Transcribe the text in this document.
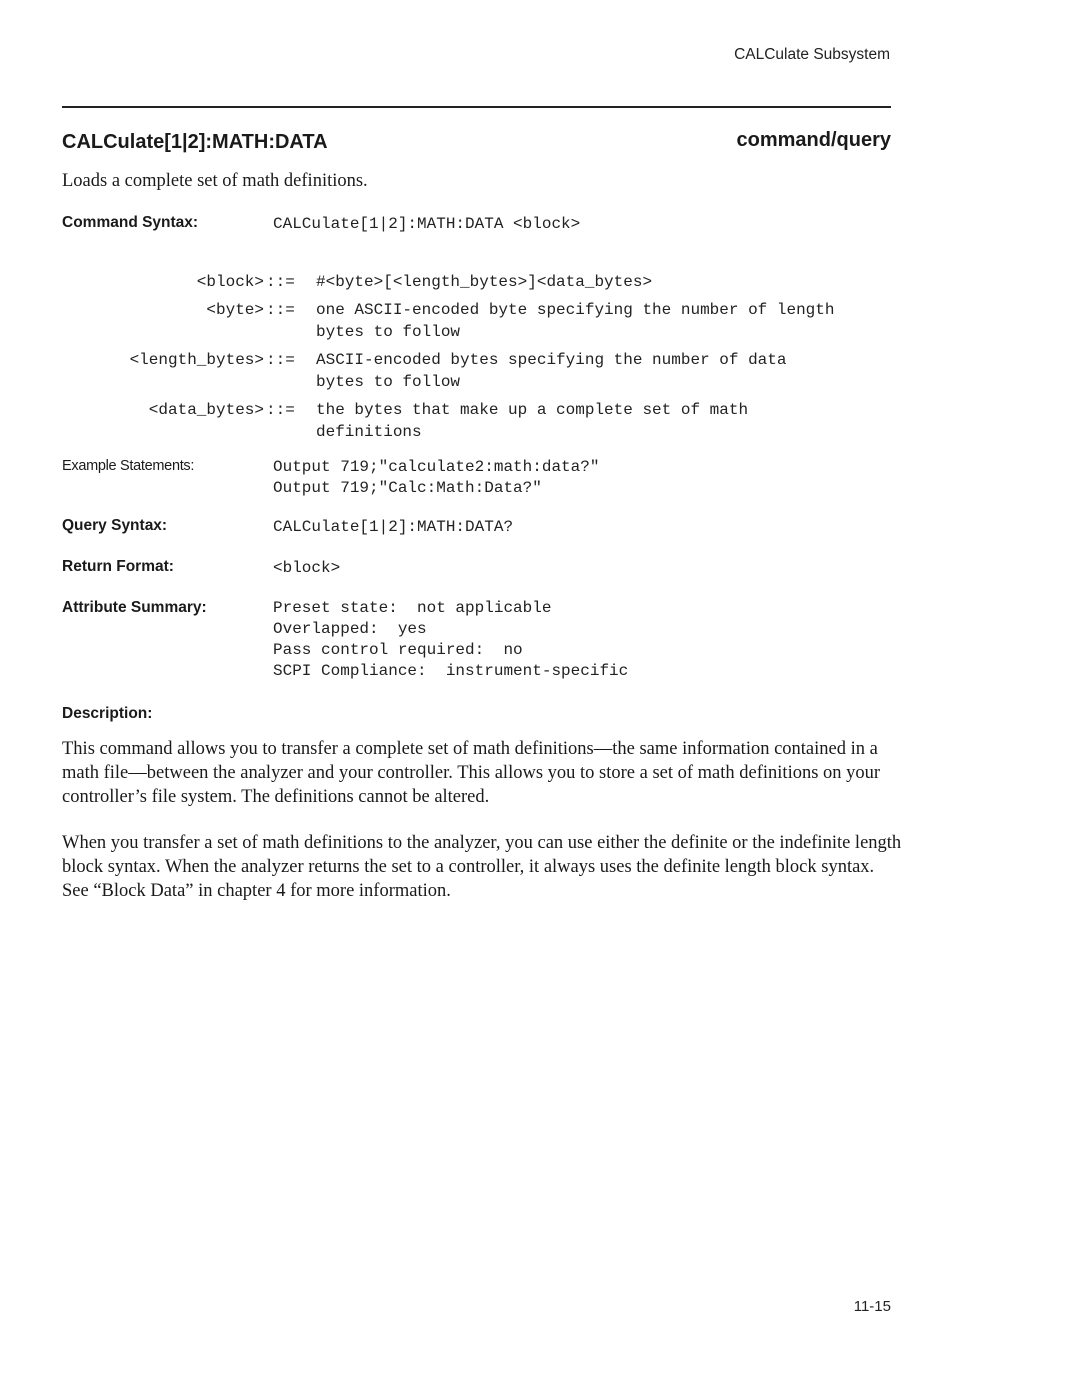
CALCulate Subsystem
CALCulate[1|2]:MATH:DATA	command/query
Loads a complete set of math definitions.
Command Syntax:	CALCulate[1|2]:MATH:DATA <block>
<block> ::= #<byte>[<length_bytes>]<data_bytes>
<byte> ::= one ASCII-encoded byte specifying the number of length
bytes to follow
<length_bytes> ::= ASCII-encoded bytes specifying the number of data
bytes to follow
<data_bytes> ::= the bytes that make up a complete set of math
definitions
Example Statements:	Output 719;"calculate2:math:data?"
Output 719;"Calc:Math:Data?"
Query Syntax:	CALCulate[1|2]:MATH:DATA?
Return Format:	<block>
Attribute Summary:	Preset state:  not applicable
Overlapped:  yes
Pass control required:  no
SCPI Compliance:  instrument-specific
Description:
This command allows you to transfer a complete set of math definitions—the same information contained in a math file—between the analyzer and your controller. This allows you to store a set of math definitions on your controller’s file system. The definitions cannot be altered.
When you transfer a set of math definitions to the analyzer, you can use either the definite or the indefinite length block syntax. When the analyzer returns the set to a controller, it always uses the definite length block syntax. See “Block Data” in chapter 4 for more information.
11-15
